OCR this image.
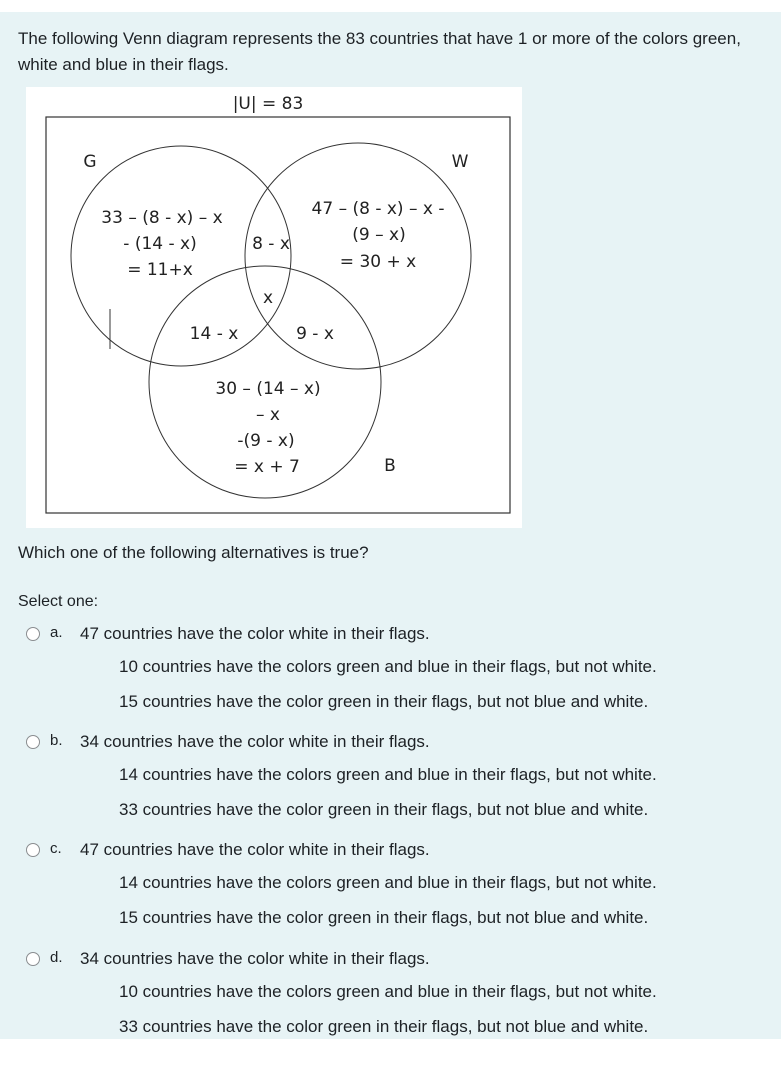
The following Venn diagram represents the 83 countries that have 1 or more of the colors green, white and blue in their flags.
|U| = 83
G	W
B
33 – (8 - x) – x
- (14 - x)
= 11+x
47 – (8 - x) – x -
(9 – x)
= 30 + x
8 - x
x
14 - x	9 - x
30 – (14 – x)
– x
-(9 - x)
= x + 7
Which one of the following alternatives is true?
Select one:
a. 47 countries have the color white in their flags.
10 countries have the colors green and blue in their flags, but not white.
15 countries have the color green in their flags, but not blue and white.
b. 34 countries have the color white in their flags.
14 countries have the colors green and blue in their flags, but not white.
33 countries have the color green in their flags, but not blue and white.
c. 47 countries have the color white in their flags.
14 countries have the colors green and blue in their flags, but not white.
15 countries have the color green in their flags, but not blue and white.
d. 34 countries have the color white in their flags.
10 countries have the colors green and blue in their flags, but not white.
33 countries have the color green in their flags, but not blue and white.
